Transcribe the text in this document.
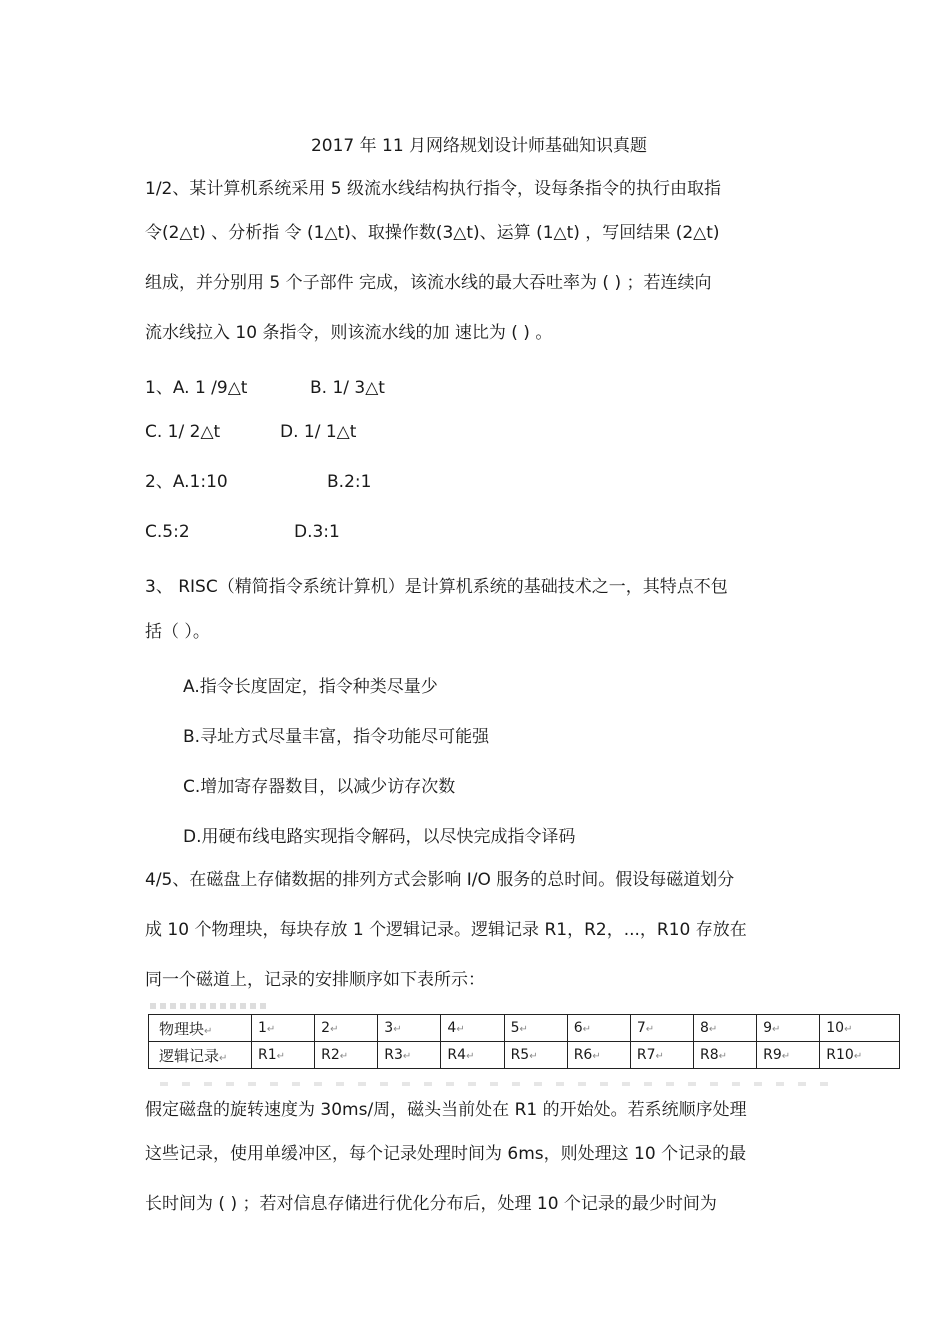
2017 年 11 月网络规划设计师基础知识真题
1/2、某计算机系统采用 5 级流水线结构执行指令，设每条指令的执行由取指
令(2△t) 、分析指 令 (1△t)、取操作数(3△t)、运算 (1△t) ，写回结果 (2△t)
组成，并分别用 5 个子部件 完成，该流水线的最大吞吐率为 ( ) ；若连续向
流水线拉入 10 条指令，则该流水线的加 速比为 ( ) 。
1、A. 1 /9△t	B. 1/ 3△t
C. 1/ 2△t	D. 1/ 1△t
2、A.1:10	B.2:1
C.5:2	D.3:1
3、 RISC（精简指令系统计算机）是计算机系统的基础技术之一，其特点不包
括（ ）。
A.指令长度固定，指令种类尽量少
B.寻址方式尽量丰富，指令功能尽可能强
C.增加寄存器数目，以减少访存次数
D.用硬布线电路实现指令解码，以尽快完成指令译码
4/5、在磁盘上存储数据的排列方式会影响 I/O 服务的总时间。假设每磁道划分
成 10 个物理块，每块存放 1 个逻辑记录。逻辑记录 R1，R2，...，R10 存放在
同一个磁道上，记录的安排顺序如下表所示：
物理块↵	1↵	2↵	3↵	4↵	5↵	6↵	7↵	8↵	9↵	10↵
逻辑记录↵	R1↵	R2↵	R3↵	R4↵	R5↵	R6↵	R7↵	R8↵	R9↵	R10↵
假定磁盘的旋转速度为 30ms/周，磁头当前处在 R1 的开始处。若系统顺序处理
这些记录，使用单缓冲区，每个记录处理时间为 6ms，则处理这 10 个记录的最
长时间为 ( ) ；若对信息存储进行优化分布后，处理 10 个记录的最少时间为
